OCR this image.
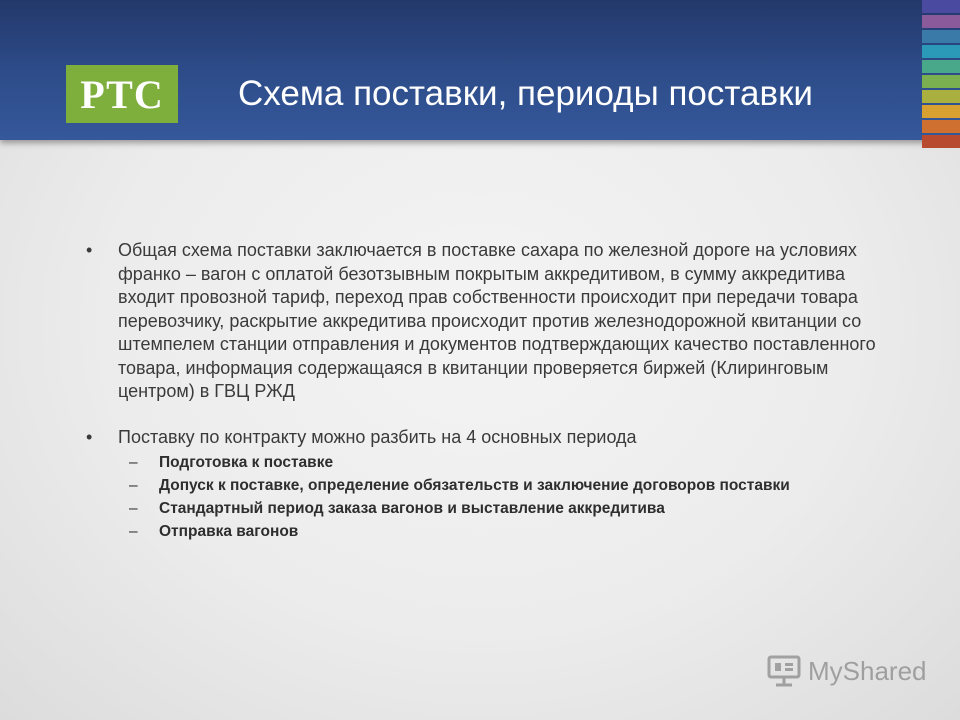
РТС Схема поставки, периоды поставки
• Общая схема поставки заключается в поставке сахара по железной дороге на условиях франко – вагон с оплатой безотзывным покрытым аккредитивом, в сумму аккредитива входит провозной тариф, переход прав собственности происходит при передачи товара перевозчику, раскрытие аккредитива происходит против железнодорожной квитанции со штемпелем станции отправления и документов подтверждающих качество поставленного товара, информация содержащаяся в квитанции проверяется биржей (Клиринговым центром) в ГВЦ РЖД
• Поставку по контракту можно разбить на 4 основных периода
– Подготовка к поставке
– Допуск к поставке, определение обязательств и заключение договоров поставки
– Стандартный период заказа вагонов и выставление аккредитива
– Отправка вагонов
MyShared
